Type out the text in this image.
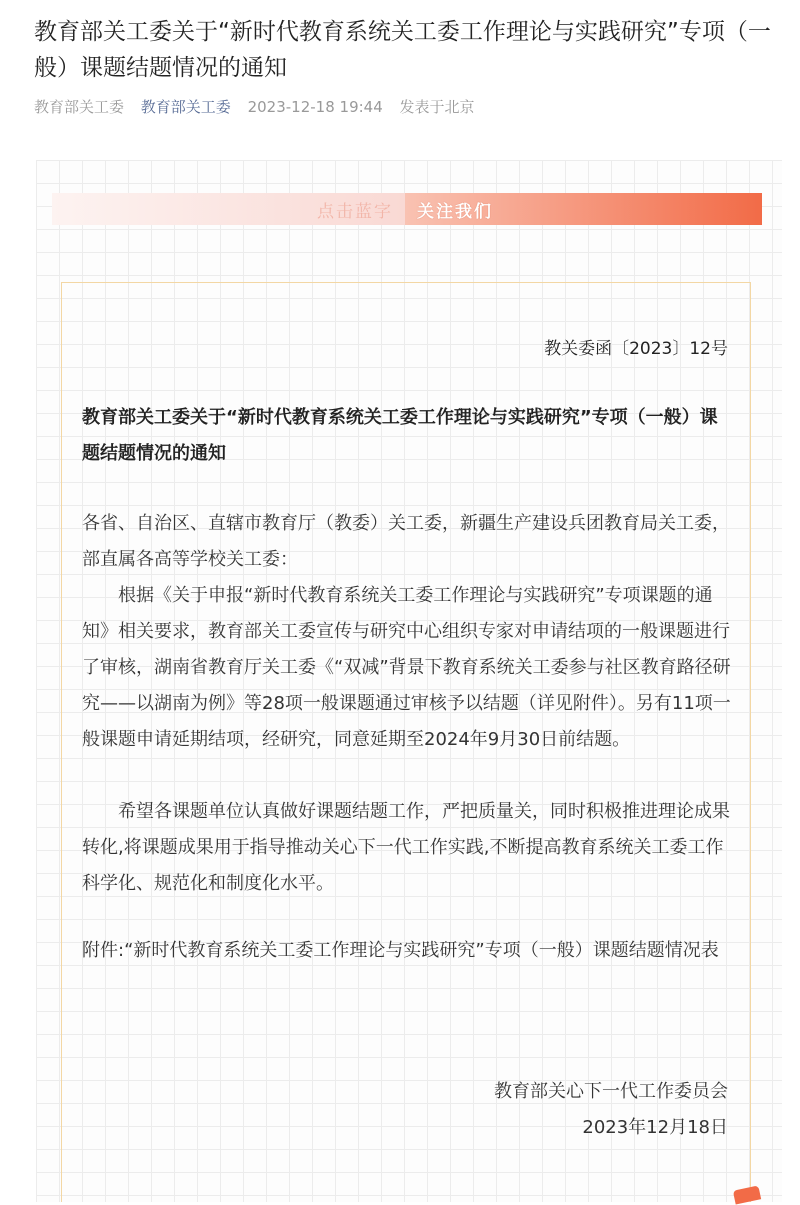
教育部关工委关于“新时代教育系统关工委工作理论与实践研究”专项（一般）课题结题情况的通知
教育部关工委 教育部关工委 2023-12-18 19:44 发表于北京
点击蓝字	关注我们
教关委函〔2023〕12号
教育部关工委关于“新时代教育系统关工委工作理论与实践研究”专项（一般）课题结题情况的通知

各省、自治区、直辖市教育厅（教委）关工委，新疆生产建设兵团教育局关工委，部直属各高等学校关工委：

根据《关于申报“新时代教育系统关工委工作理论与实践研究”专项课题的通知》相关要求，教育部关工委宣传与研究中心组织专家对申请结项的一般课题进行了审核，湖南省教育厅关工委《“双减”背景下教育系统关工委参与社区教育路径研究——以湖南为例》等28项一般课题通过审核予以结题（详见附件）。另有11项一般课题申请延期结项，经研究，同意延期至2024年9月30日前结题。

希望各课题单位认真做好课题结题工作，严把质量关，同时积极推进理论成果转化,将课题成果用于指导推动关心下一代工作实践,不断提高教育系统关工委工作科学化、规范化和制度化水平。

附件:“新时代教育系统关工委工作理论与实践研究”专项（一般）课题结题情况表

教育部关心下一代工作委员会
2023年12月18日
